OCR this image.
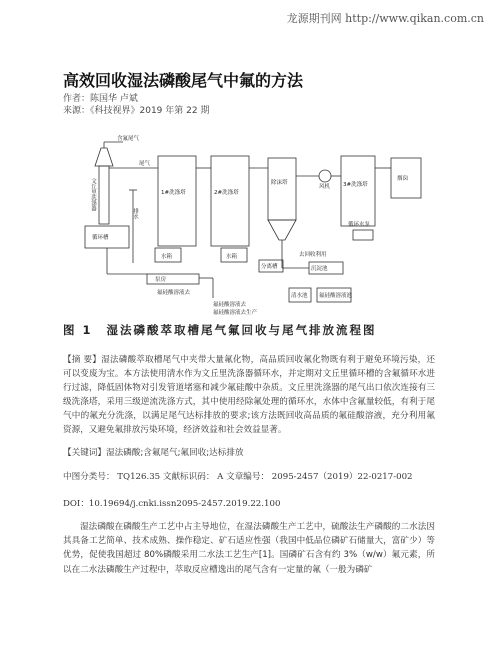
龙源期刊网 http://www.qikan.com.cn
高效回收湿法磷酸尾气中氟的方法
作者：陈国华 卢斌
来源：《科技视界》2019 年第 22 期
含氟尾气
文丘里洗涤器
循环槽
排水
尾气
1#洗涤塔	2#洗涤塔
水箱	水箱
除沫塔
风机 3#洗涤塔
烟囱
循环水泵
分离槽	沉淀池
清水池 氟硅酸溶液池
去回收利用
泵房
氟硅酸溶液去
氟硅酸溶液去
氟硅酸溶液去生产
图 1 湿法磷酸萃取槽尾气氟回收与尾气排放流程图
【摘 要】湿法磷酸萃取槽尾气中夹带大量氟化物，高品质回收氟化物既有利于避免环境污染，还可以变废为宝。本方法使用清水作为文丘里洗涤器循环水，并定期对文丘里循环槽的含氟循环水进行过滤，降低固体物对引发管道堵塞和减少氟硅酸中杂质。文丘里洗涤器的尾气出口依次连接有三级洗涤塔，采用三级逆流洗涤方式，其中使用经除氟处理的循环水，水体中含氟量较低，有利于尾气中的氟充分洗涤，以满足尾气达标排放的要求;该方法既回收高品质的氟硅酸溶液，充分利用氟资源，又避免氟排放污染环境，经济效益和社会效益显著。
【关键词】湿法磷酸;含氟尾气;氟回收;达标排放
中图分类号： TQ126.35 文献标识码： A 文章编号： 2095-2457（2019）22-0217-002
DOI：10.19694/j.cnki.issn2095-2457.2019.22.100

湿法磷酸在磷酸生产工艺中占主导地位，在湿法磷酸生产工艺中，硫酸法生产磷酸的二水法因其具备工艺简单、技术成熟、操作稳定、矿石适应性强（我国中低品位磷矿石储量大，富矿少）等优势，促使我国超过 80%磷酸采用二水法工艺生产[1]。国磷矿石含有约 3%（w/w）氟元素，所以在二水法磷酸生产过程中，萃取反应槽逸出的尾气含有一定量的氟（一般为磷矿
